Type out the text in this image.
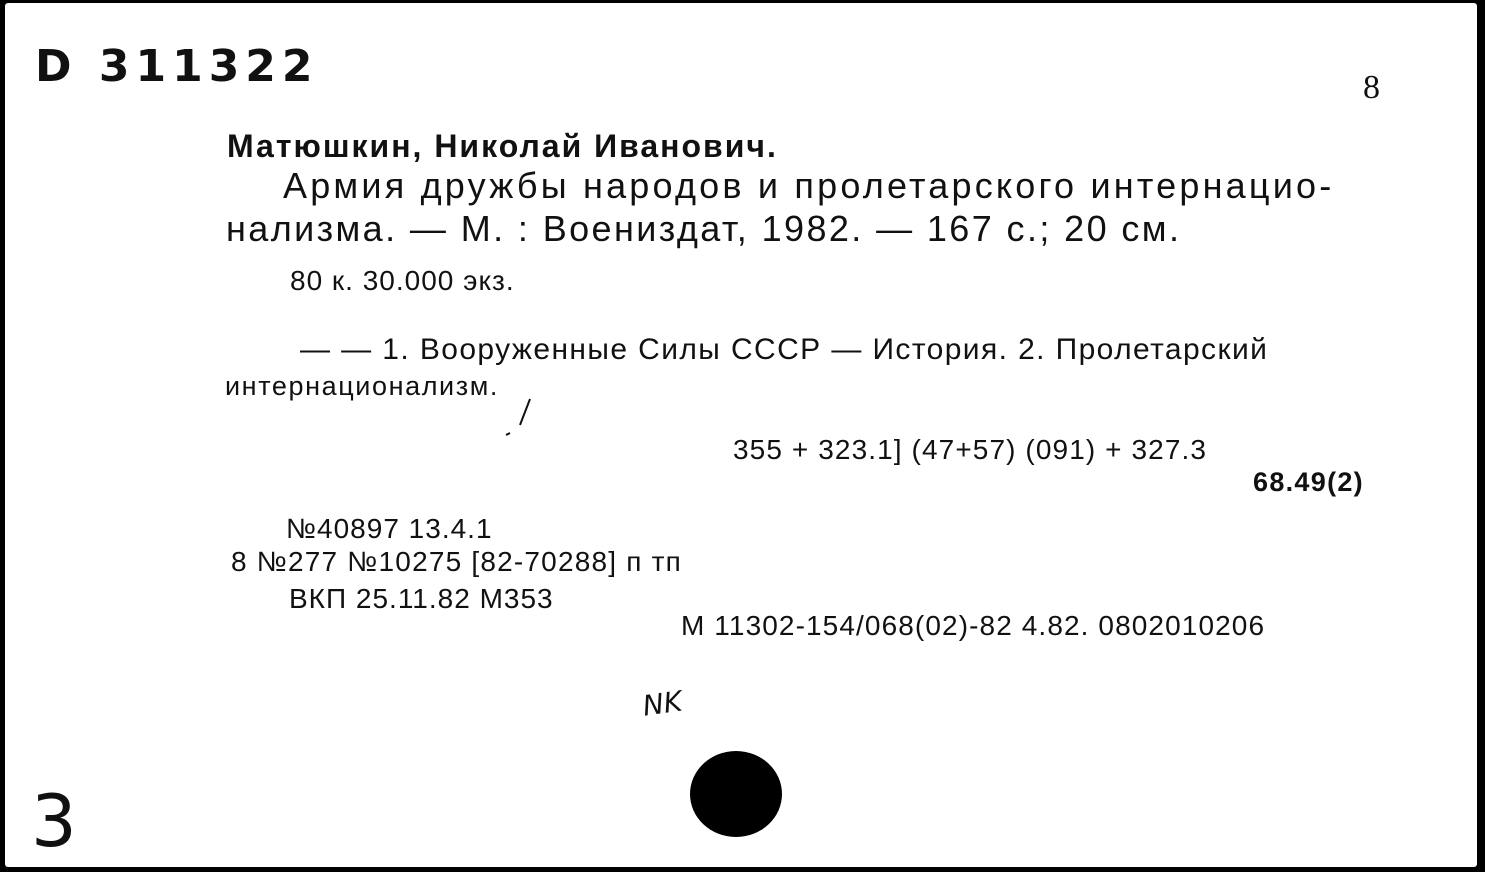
D 311322	8
Матюшкин, Николай Иванович.
Армия дружбы народов и пролетарского интернацио-
нализма. — М. : Воениздат, 1982. — 167 с.; 20 см.
80 к. 30.000 экз.
— — 1. Вооруженные Силы СССР — История. 2. Пролетарский
интернационализм.
355 + 323.1] (47+57) (091) + 327.3
68.49(2)
№40897 13.4.1
8 №277 №10275 [82-70288] п тп
ВКП 25.11.82 М353
М 11302-154/068(02)-82 4.82. 0802010206
NK
3
